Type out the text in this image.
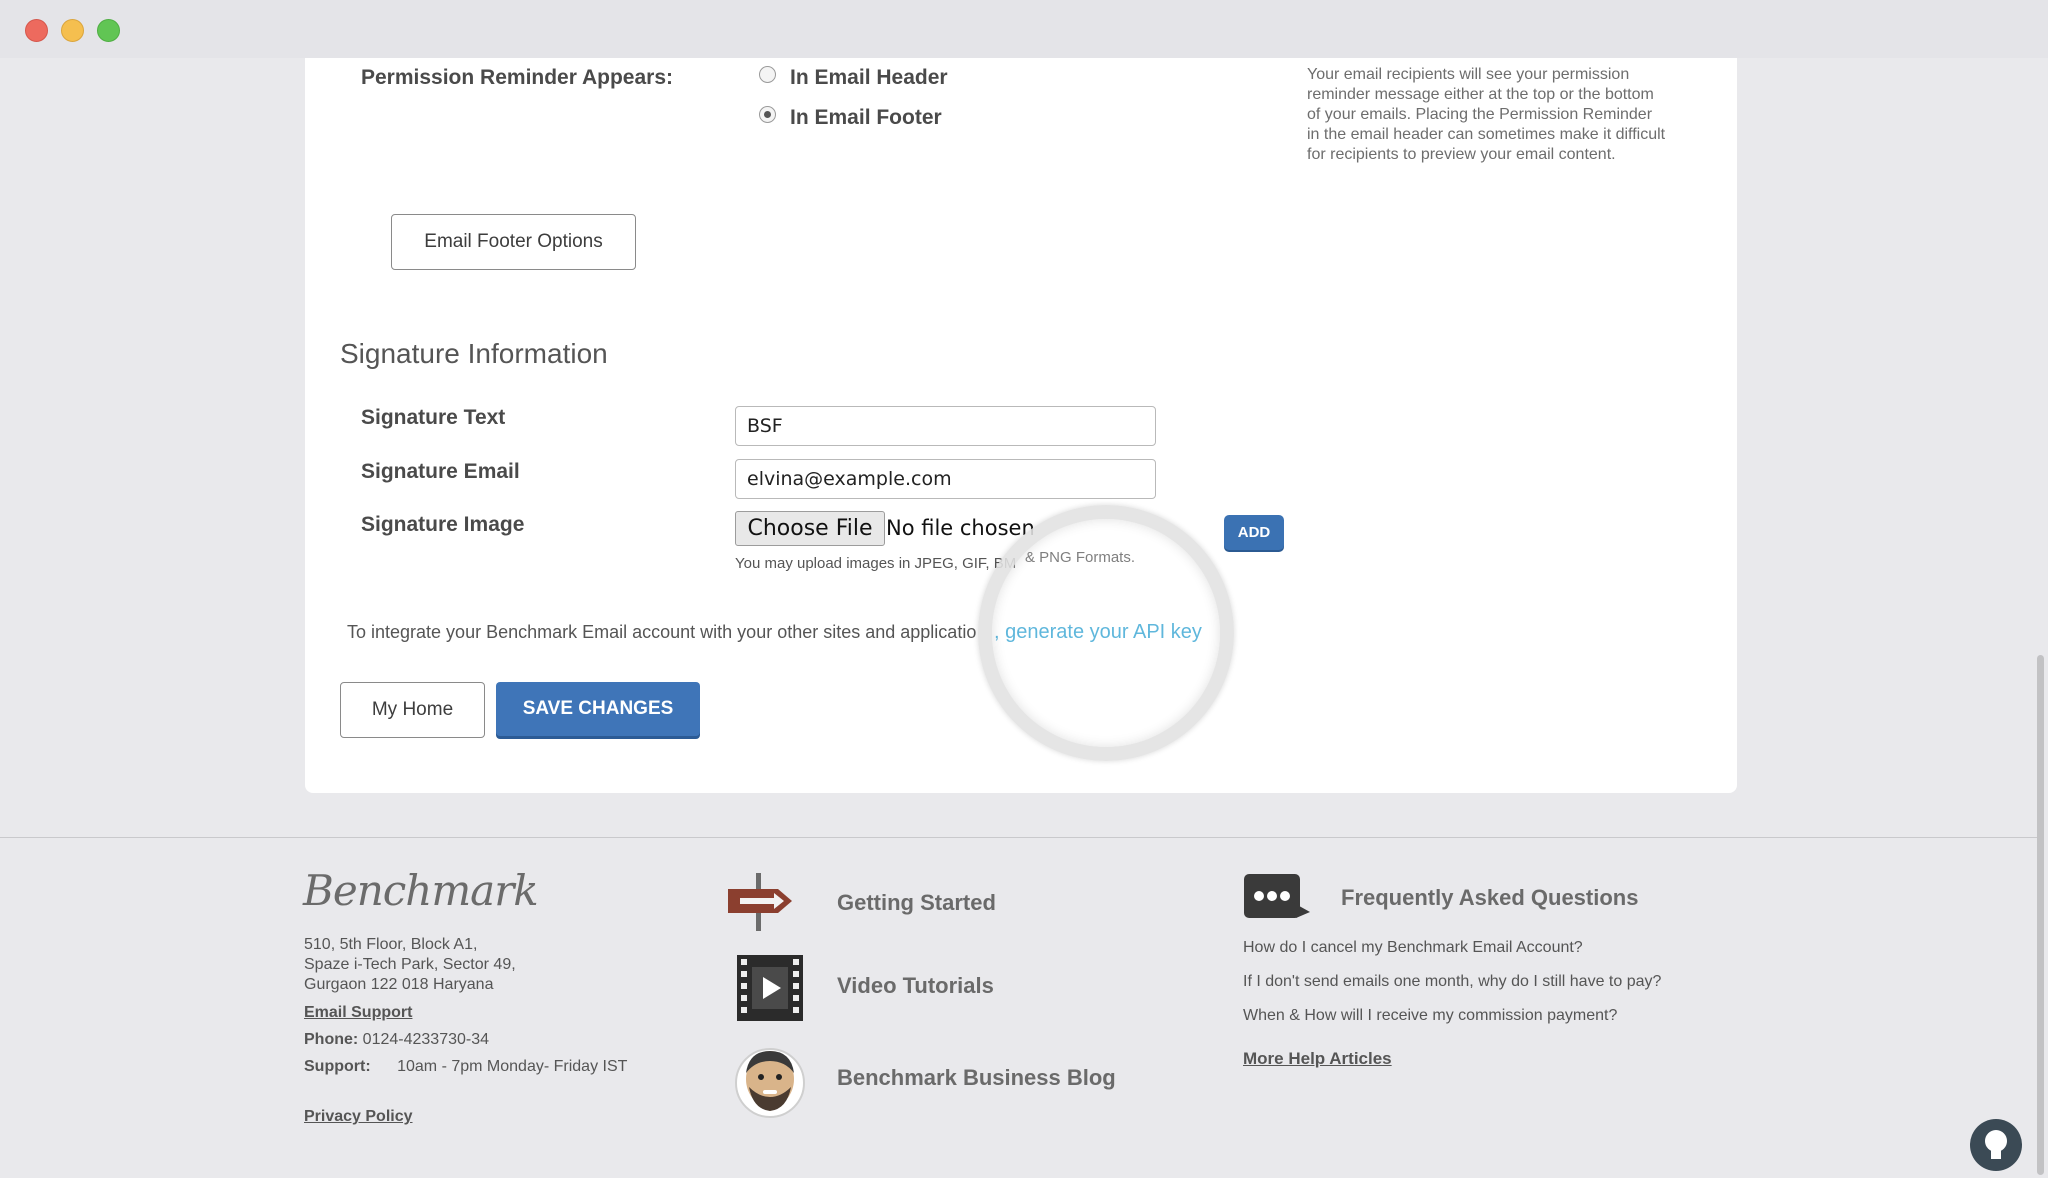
Permission Reminder Appears:	In Email Header
In Email Footer
Your email recipients will see your permission reminder message either at the top or the bottom of your emails. Placing the Permission Reminder in the email header can sometimes make it difficult for recipients to preview your email content.
Email Footer Options
Signature Information
Signature Text	BSF
Signature Email	elvina@example.com
Signature Image	Choose File No file chosen	ADD
You may upload images in JPEG, GIF, BM & PNG Formats.
To integrate your Benchmark Email account with your other sites and applicatio , generate your API key
My Home	SAVE CHANGES
Benchmark
510, 5th Floor, Block A1,
Spaze i-Tech Park, Sector 49,
Gurgaon 122 018 Haryana
Email Support
Phone: 0124-4233730-34
Support: 10am - 7pm Monday- Friday IST
Privacy Policy
Getting Started
Video Tutorials
Benchmark Business Blog
Frequently Asked Questions
How do I cancel my Benchmark Email Account?
If I don't send emails one month, why do I still have to pay?
When & How will I receive my commission payment?
More Help Articles
